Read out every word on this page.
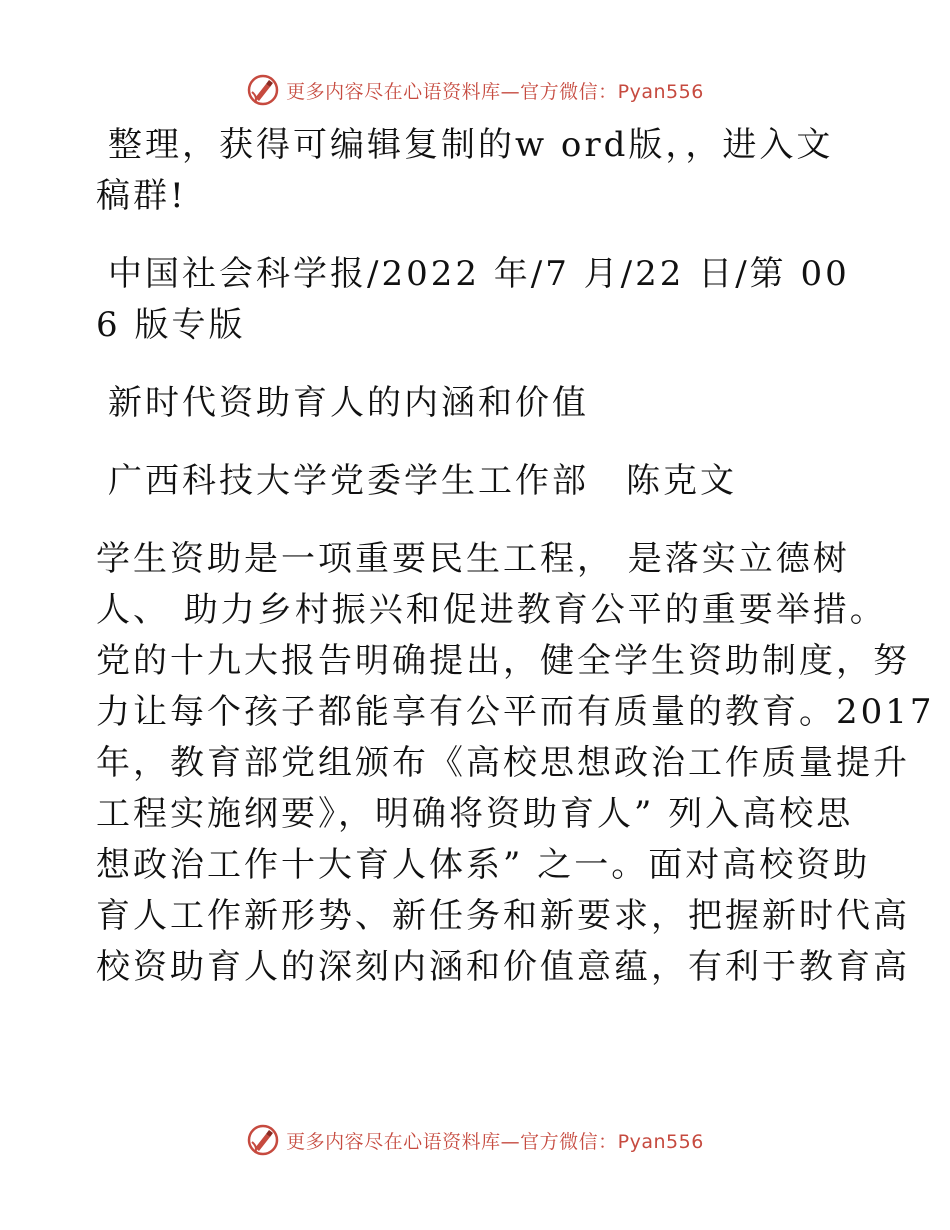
更多内容尽在心语资料库—官方微信：Pyan556

整理，获得可编辑复制的w ord版，，进入文稿群!

中国社会科学报/2022 年/7 月/22 日/第 006 版专版

新时代资助育人的内涵和价值

广西科技大学党委学生工作部　陈克文

学生资助是一项重要民生工程， 是落实立德树
人、 助力乡村振兴和促进教育公平的重要举措。
党的十九大报告明确提出，健全学生资助制度，努
力让每个孩子都能享有公平而有质量的教育。2017
年，教育部党组颁布《高校思想政治工作质量提升
工程实施纲要》，明确将资助育人” 列入高校思
想政治工作十大育人体系” 之一。面对高校资助
育人工作新形势、新任务和新要求，把握新时代高
校资助育人的深刻内涵和价值意蕴，有利于教育高
更多内容尽在心语资料库—官方微信：Pyan556
